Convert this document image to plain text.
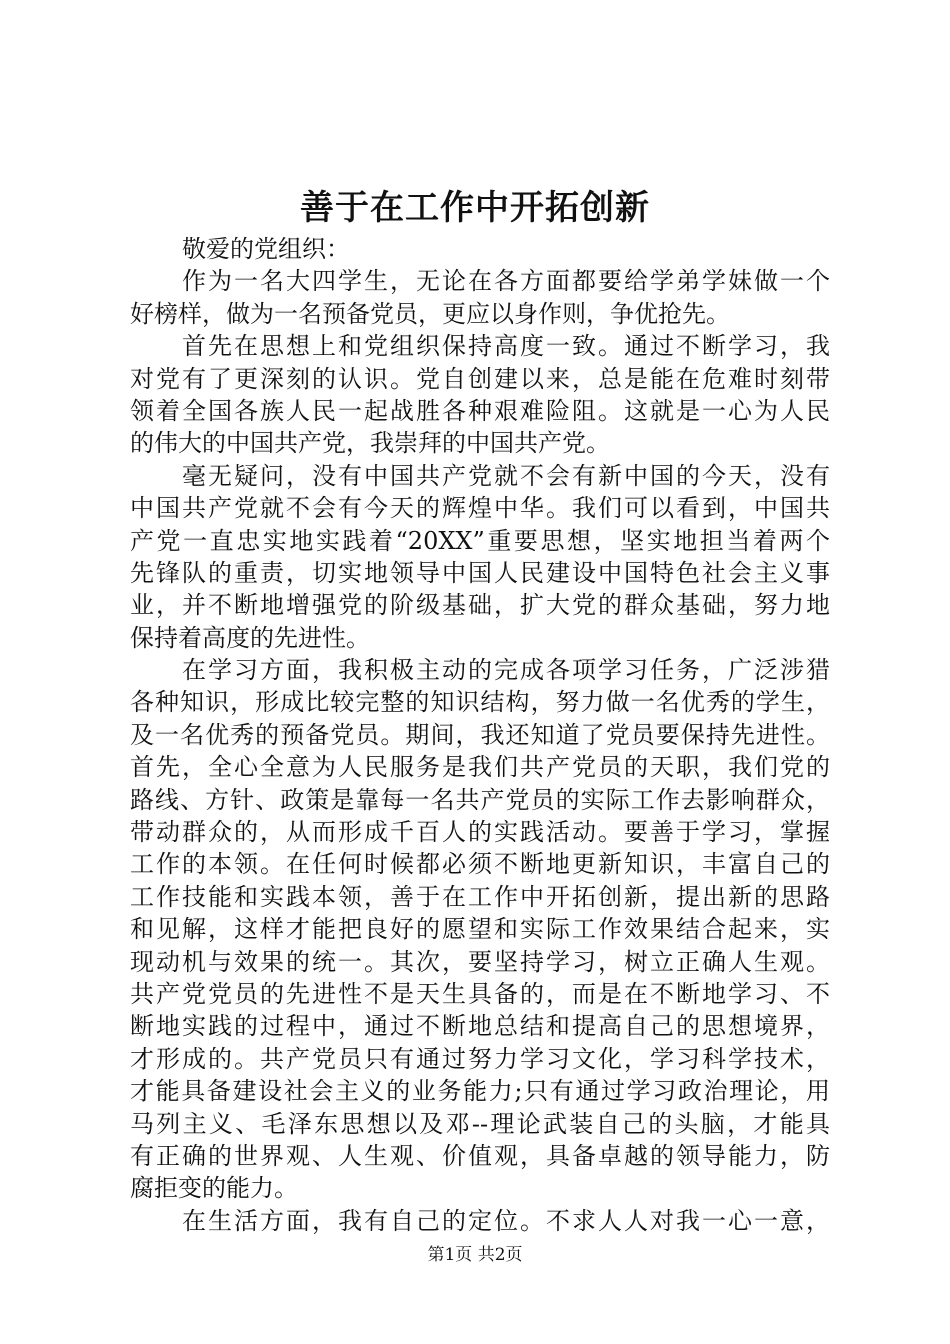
善于在工作中开拓创新
敬爱的党组织：
作为一名大四学生，无论在各方面都要给学弟学妹做一个
好榜样，做为一名预备党员，更应以身作则，争优抢先。
首先在思想上和党组织保持高度一致。通过不断学习，我
对党有了更深刻的认识。党自创建以来，总是能在危难时刻带
领着全国各族人民一起战胜各种艰难险阻。这就是一心为人民
的伟大的中国共产党，我崇拜的中国共产党。
毫无疑问，没有中国共产党就不会有新中国的今天，没有
中国共产党就不会有今天的辉煌中华。我们可以看到，中国共
产党一直忠实地实践着“20XX”重要思想，坚实地担当着两个
先锋队的重责，切实地领导中国人民建设中国特色社会主义事
业，并不断地增强党的阶级基础，扩大党的群众基础，努力地
保持着高度的先进性。
在学习方面，我积极主动的完成各项学习任务，广泛涉猎
各种知识，形成比较完整的知识结构，努力做一名优秀的学生，
及一名优秀的预备党员。期间，我还知道了党员要保持先进性。
首先，全心全意为人民服务是我们共产党员的天职，我们党的
路线、方针、政策是靠每一名共产党员的实际工作去影响群众，
带动群众的，从而形成千百人的实践活动。要善于学习，掌握
工作的本领。在任何时候都必须不断地更新知识，丰富自己的
工作技能和实践本领，善于在工作中开拓创新，提出新的思路
和见解，这样才能把良好的愿望和实际工作效果结合起来，实
现动机与效果的统一。其次，要坚持学习，树立正确人生观。
共产党党员的先进性不是天生具备的，而是在不断地学习、不
断地实践的过程中，通过不断地总结和提高自己的思想境界，
才形成的。共产党员只有通过努力学习文化，学习科学技术，
才能具备建设社会主义的业务能力;只有通过学习政治理论，用
马列主义、毛泽东思想以及邓--理论武装自己的头脑，才能具
有正确的世界观、人生观、价值观，具备卓越的领导能力，防
腐拒变的能力。
在生活方面，我有自己的定位。不求人人对我一心一意，
第1页 共2页
